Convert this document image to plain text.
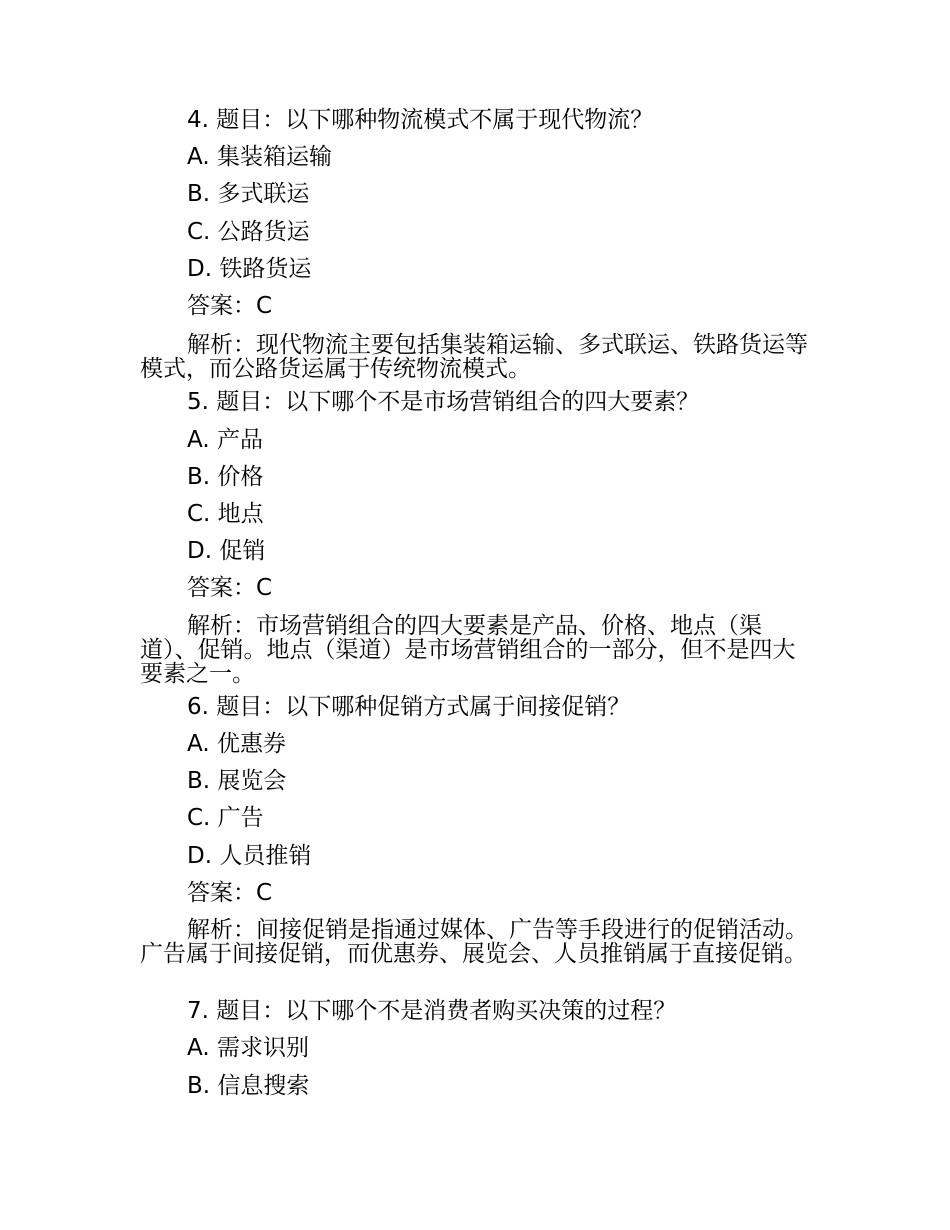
4. 题目：以下哪种物流模式不属于现代物流？
A. 集装箱运输
B. 多式联运
C. 公路货运
D. 铁路货运
答案：C
解析：现代物流主要包括集装箱运输、多式联运、铁路货运等模式，而公路货运属于传统物流模式。
5. 题目：以下哪个不是市场营销组合的四大要素？
A. 产品
B. 价格
C. 地点
D. 促销
答案：C
解析：市场营销组合的四大要素是产品、价格、地点（渠道）、促销。地点（渠道）是市场营销组合的一部分，但不是四大要素之一。
6. 题目：以下哪种促销方式属于间接促销？
A. 优惠券
B. 展览会
C. 广告
D. 人员推销
答案：C
解析：间接促销是指通过媒体、广告等手段进行的促销活动。广告属于间接促销，而优惠券、展览会、人员推销属于直接促销。
7. 题目：以下哪个不是消费者购买决策的过程？
A. 需求识别
B. 信息搜索
